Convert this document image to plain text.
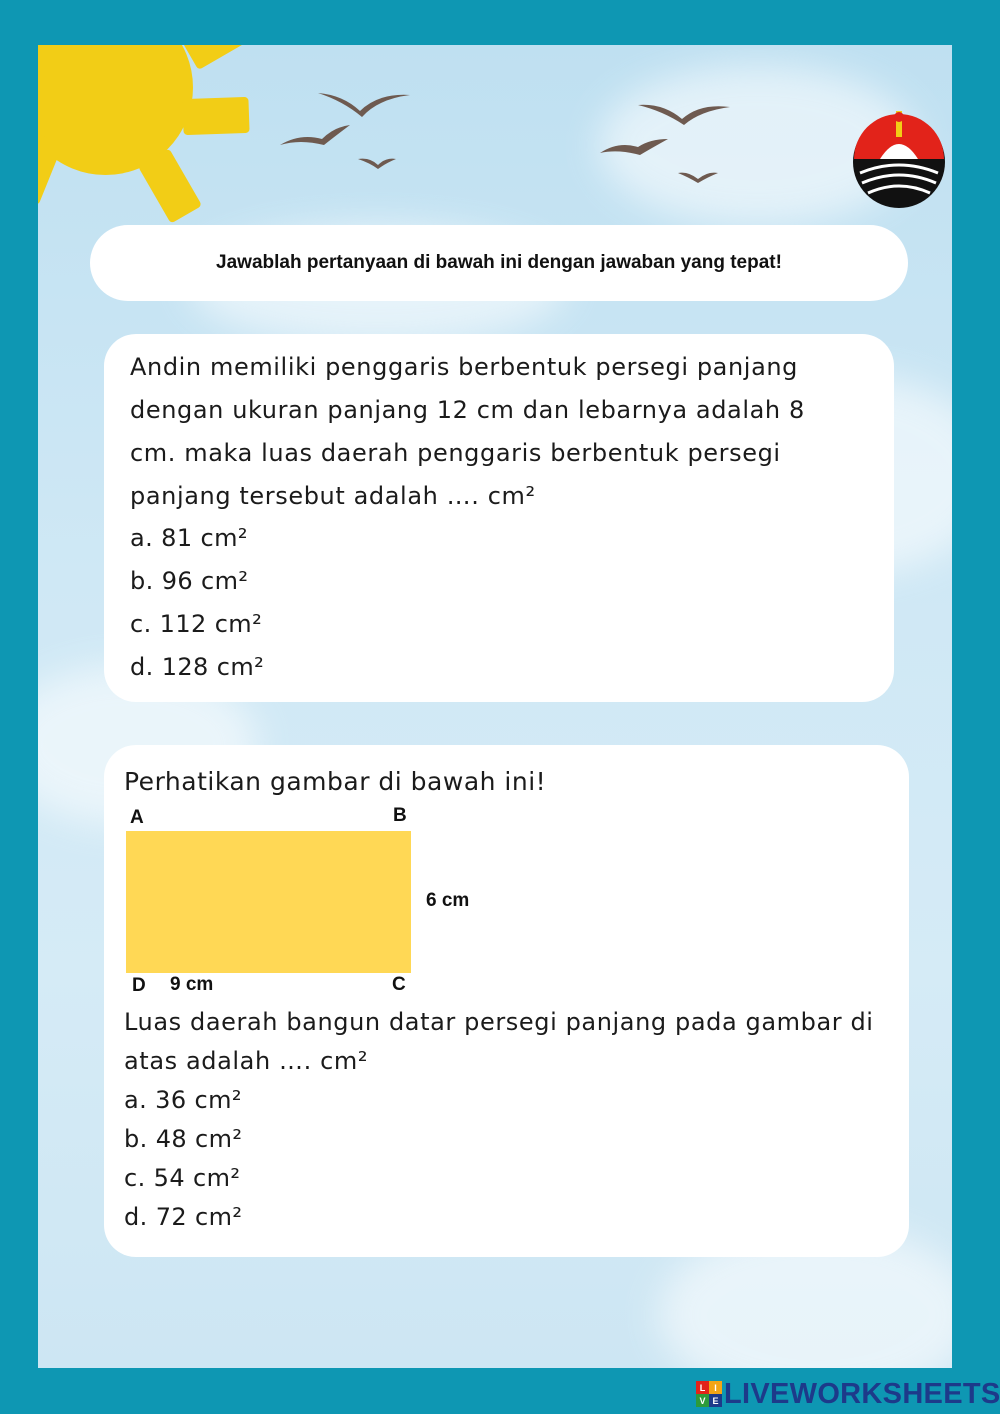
Jawablah pertanyaan di bawah ini dengan jawaban yang tepat!
Andin memiliki penggaris berbentuk persegi panjang dengan ukuran panjang 12 cm dan lebarnya adalah 8 cm. maka luas daerah penggaris berbentuk persegi panjang tersebut adalah …. cm²
a. 81 cm²
b. 96 cm²
c. 112 cm²
d. 128 cm²
Perhatikan gambar di bawah ini!
A	B
6 cm
D 9 cm	C
Luas daerah bangun datar persegi panjang pada gambar di atas adalah …. cm²
a. 36 cm²
b. 48 cm²
c. 54 cm²
d. 72 cm²
L I
V E LIVEWORKSHEETS
